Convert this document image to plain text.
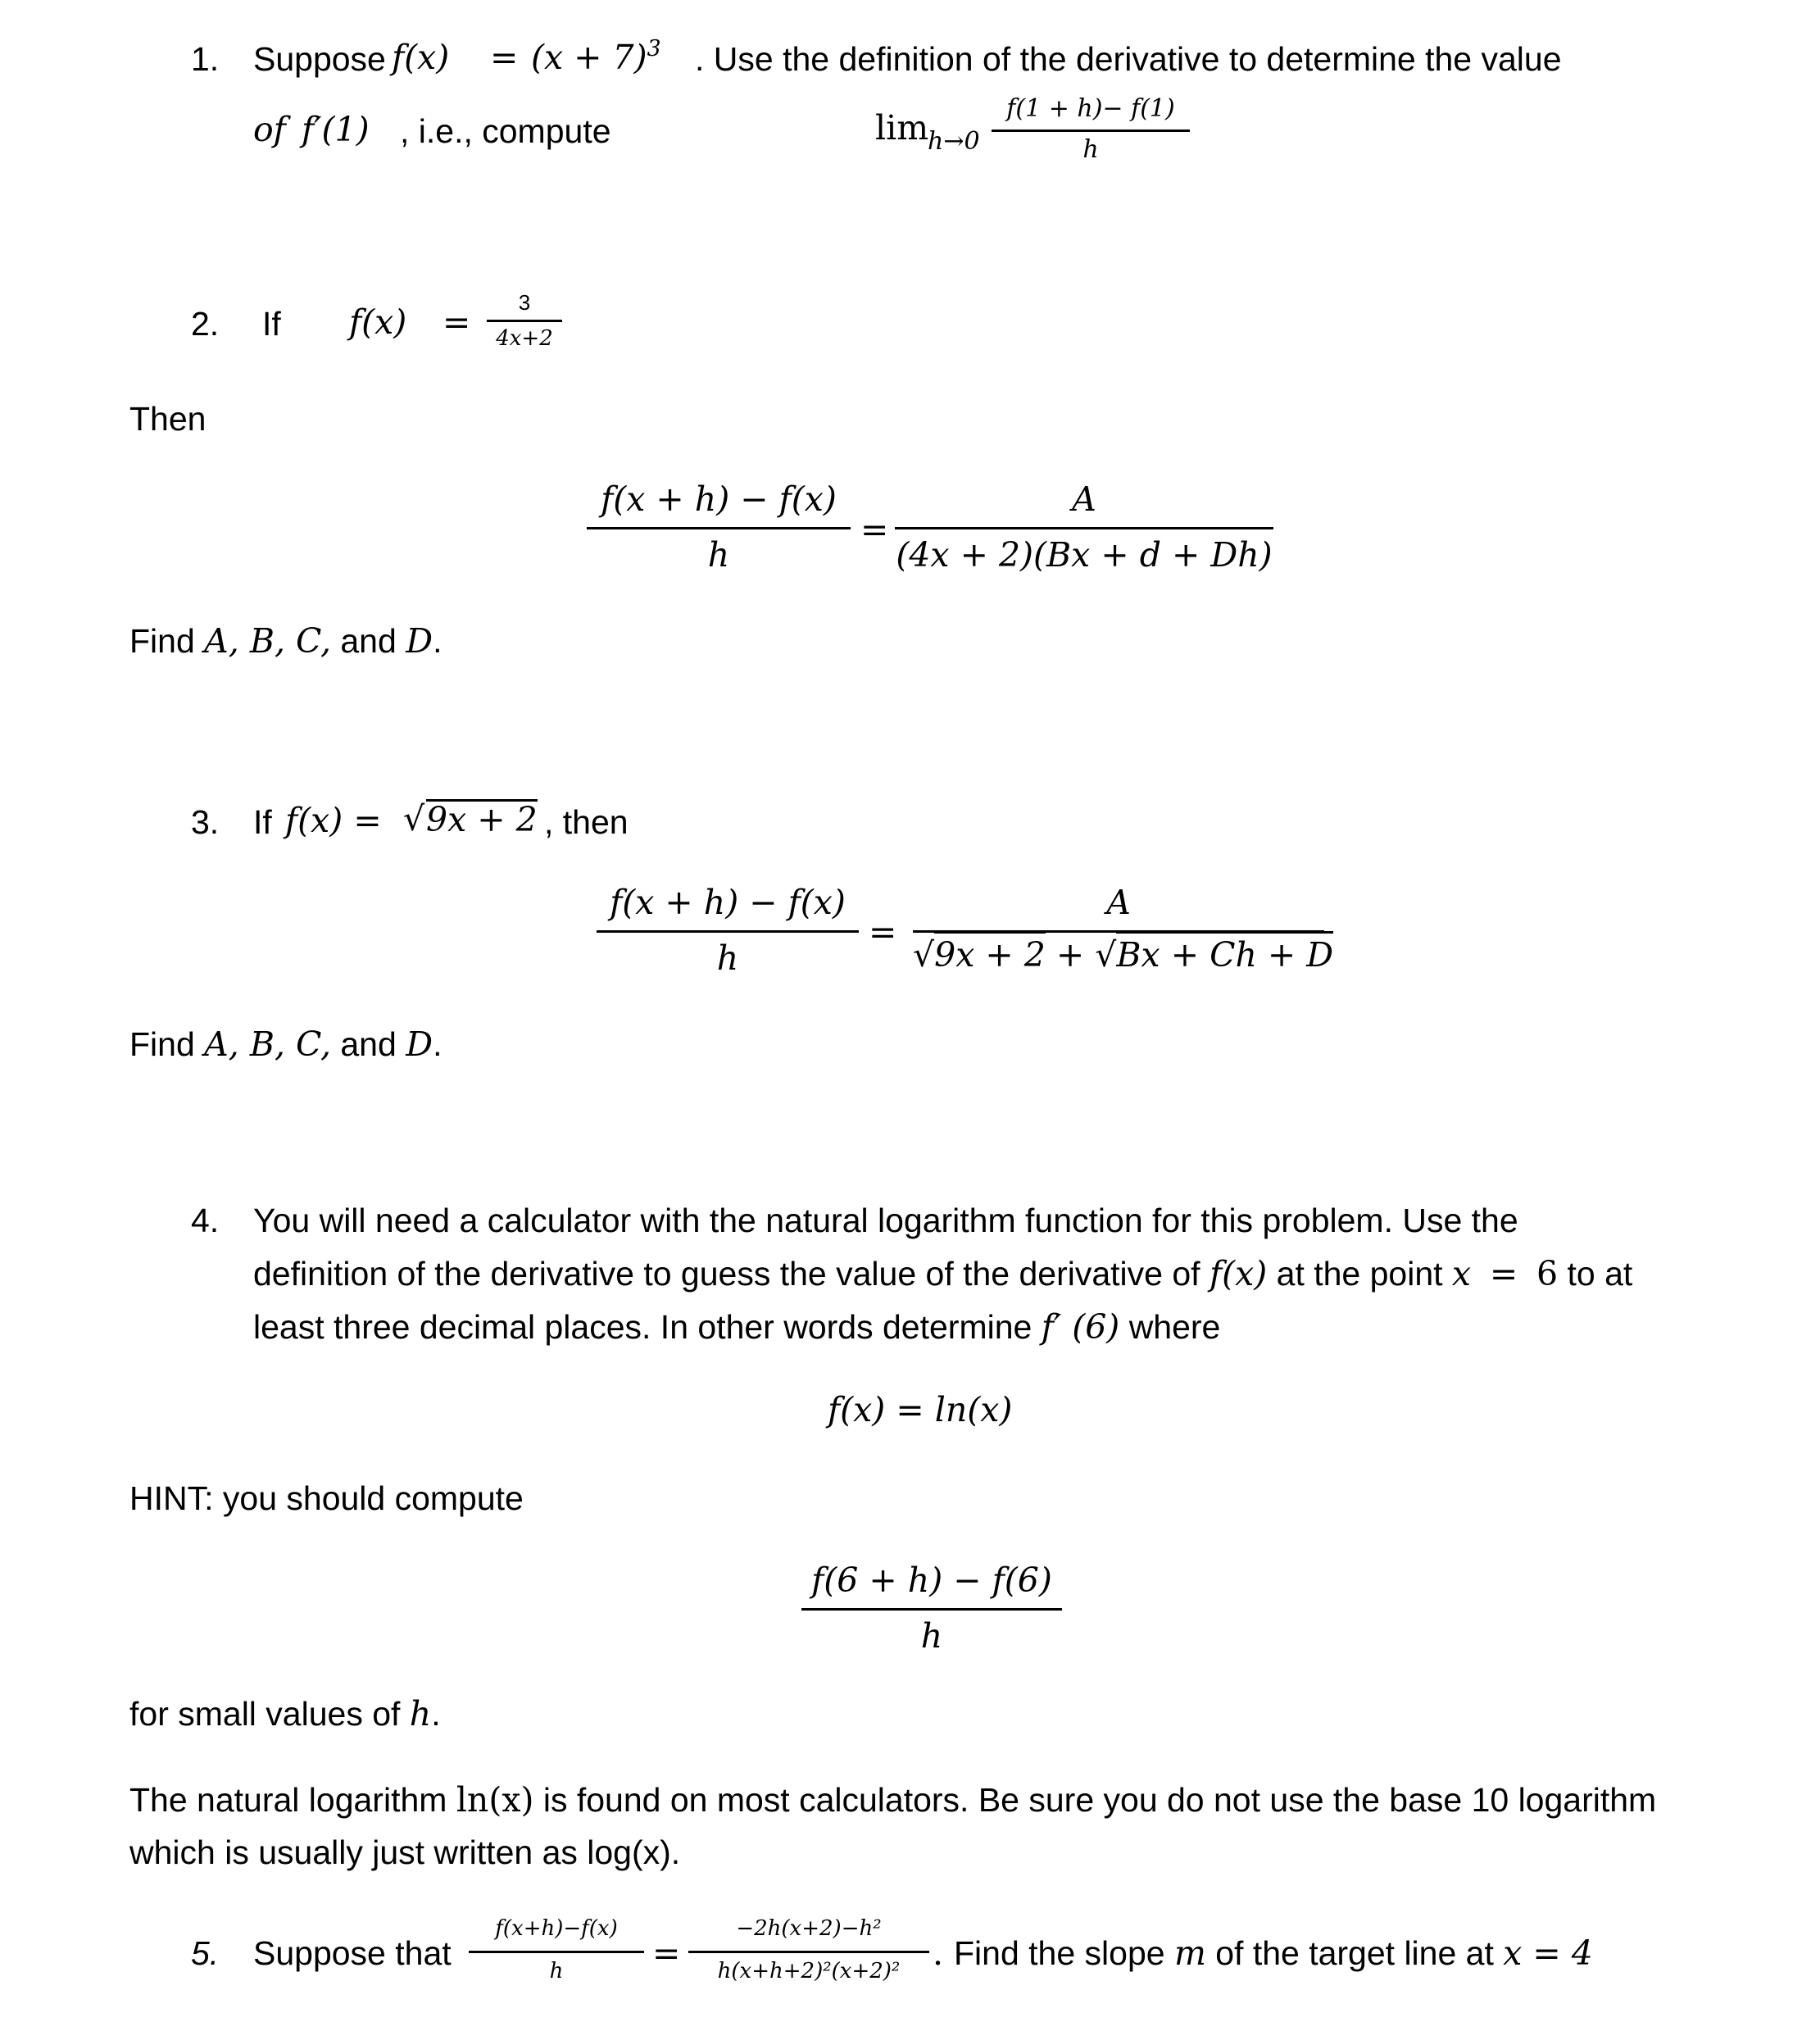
1. Suppose $f(x) = (x + 7)^3$ . Use the definition of the derivative to determine the value
of f′(1) , i.e., compute	lim
h→0
f(1 + h)− f(1)
h
2. If f(x) =	3
4x+2
Then
f(x + h) − f(x)
h
=
A
(4x + 2)(Bx + d + Dh)
Find A, B, C, and D.
3. If f(x) = √ 9x + 2 , then
f(x + h) − f(x)
h
=
A
√9x + 2 + √Bx + Ch + D
Find A, B, C, and D.
4. You will need a calculator with the natural logarithm function for this problem. Use the
definition of the derivative to guess the value of the derivative of f(x) at the point x = 6 to at
least three decimal places. In other words determine f′ (6) where
f(x) = ln(x)
HINT: you should compute
f(6 + h) − f(6)
h
for small values of h.
The natural logarithm ln(x) is found on most calculators. Be sure you do not use the base 10 logarithm
which is usually just written as log(x).
5. Suppose that
f(x+h)−f(x)
h	=
−2h(x+2)−h²
h(x+h+2)²(x+2)² . Find the slope m of the target line at x = 4
